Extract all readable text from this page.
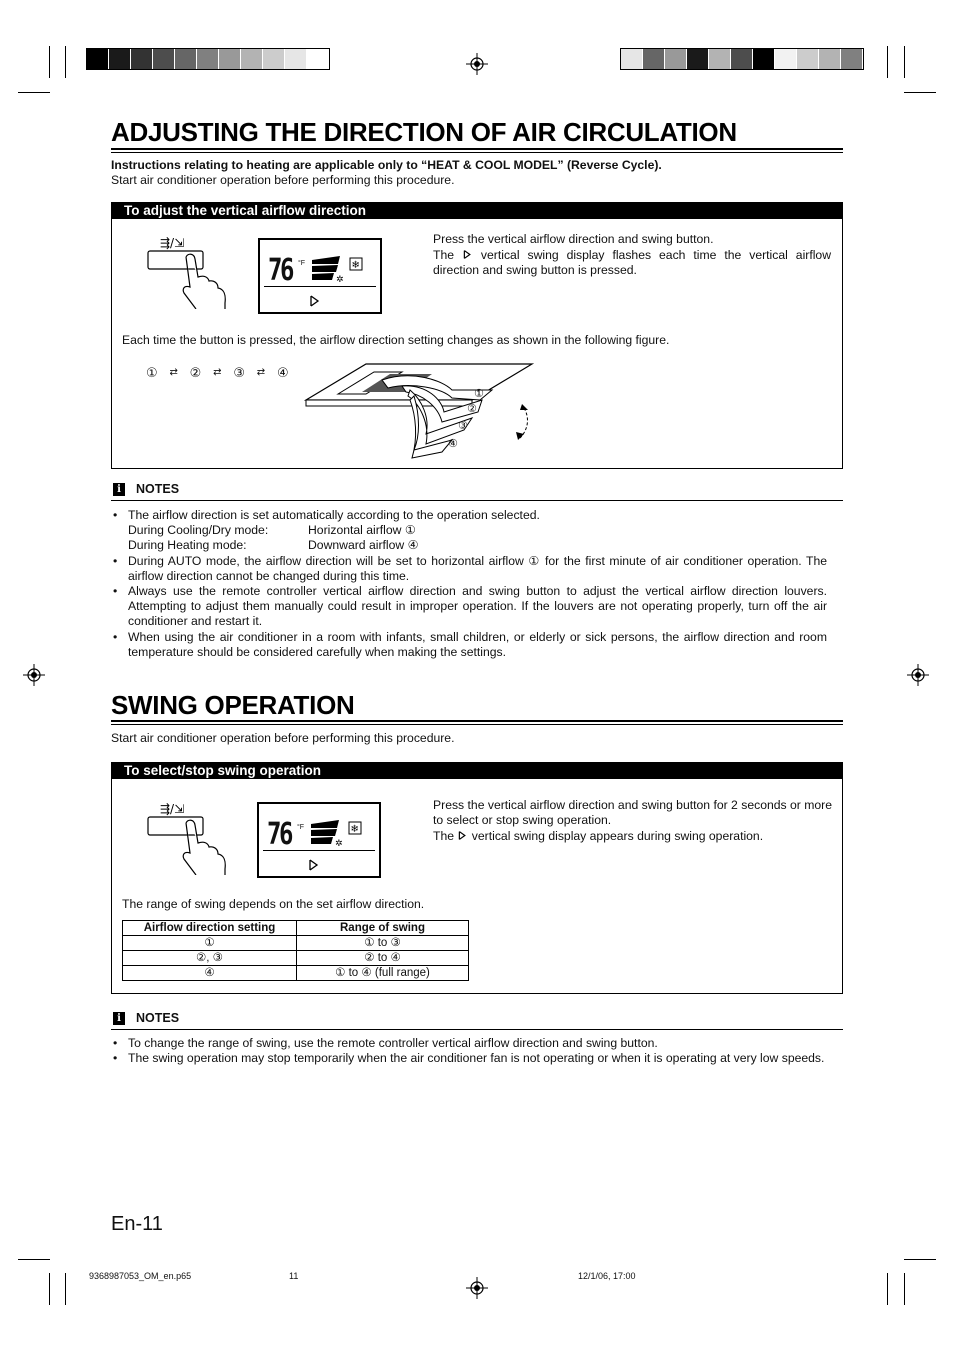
ADJUSTING THE DIRECTION OF AIR CIRCULATION
Instructions relating to heating are applicable only to “HEAT & COOL MODEL” (Reverse Cycle).
Start air conditioner operation before performing this procedure.
To adjust the vertical airflow direction
⇶/⇲
76 °F	❄
✲
Press the vertical airflow direction and swing button.
The vertical swing display flashes each time the vertical airflow direction and swing button is pressed.
Each time the button is pressed, the airflow direction setting changes as shown in the following figure.
①	⇄ ②	⇄ ③	⇄ ④
①
②
③
④
i	NOTES
• The airflow direction is set automatically according to the operation selected.
During Cooling/Dry mode:	Horizontal airflow ①
During Heating mode:	Downward airflow ④
• During AUTO mode, the airflow direction will be set to horizontal airflow ① for the first minute of air conditioner operation. The airflow direction cannot be changed during this time.
• Always use the remote controller vertical airflow direction and swing button to adjust the vertical airflow direction louvers. Attempting to adjust them manually could result in improper operation. If the louvers are not operating properly, turn off the air conditioner and restart it.
• When using the air conditioner in a room with infants, small children, or elderly or sick persons, the airflow direction and room temperature should be considered carefully when making the settings.
SWING OPERATION
Start air conditioner operation before performing this procedure.
To select/stop swing operation
⇶/⇲
76 °F	❄
✲
Press the vertical airflow direction and swing button for 2 seconds or more to select or stop swing operation.
The vertical swing display appears during swing operation.
The range of swing depends on the set airflow direction.
Airflow direction setting	Range of swing
①	① to ③
②, ③	② to ④
④	① to ④ (full range)
i	NOTES
• To change the range of swing, use the remote controller vertical airflow direction and swing button.
• The swing operation may stop temporarily when the air conditioner fan is not operating or when it is operating at very low speeds.
En-11
9368987053_OM_en.p65	11	12/1/06, 17:00
